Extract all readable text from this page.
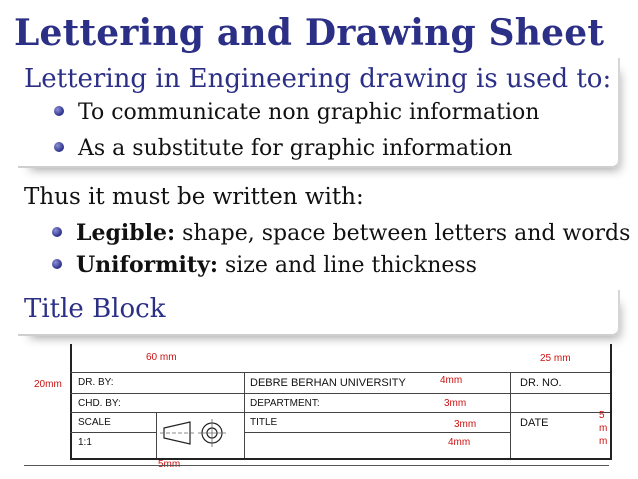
Lettering and Drawing Sheet
Lettering in Engineering drawing is used to:
To communicate non graphic information
As a substitute for graphic information
Thus it must be written with:
Legible: shape, space between letters and words
Uniformity: size and line thickness
Title Block
DR. BY:
CHD. BY:
SCALE
1:1
DEBRE BERHAN UNIVERSITY
DEPARTMENT:
TITLE
DR. NO.
DATE
60 mm	25 mm
20mm	4mm
3mm
3mm
4mm
5mm
5
m
m
